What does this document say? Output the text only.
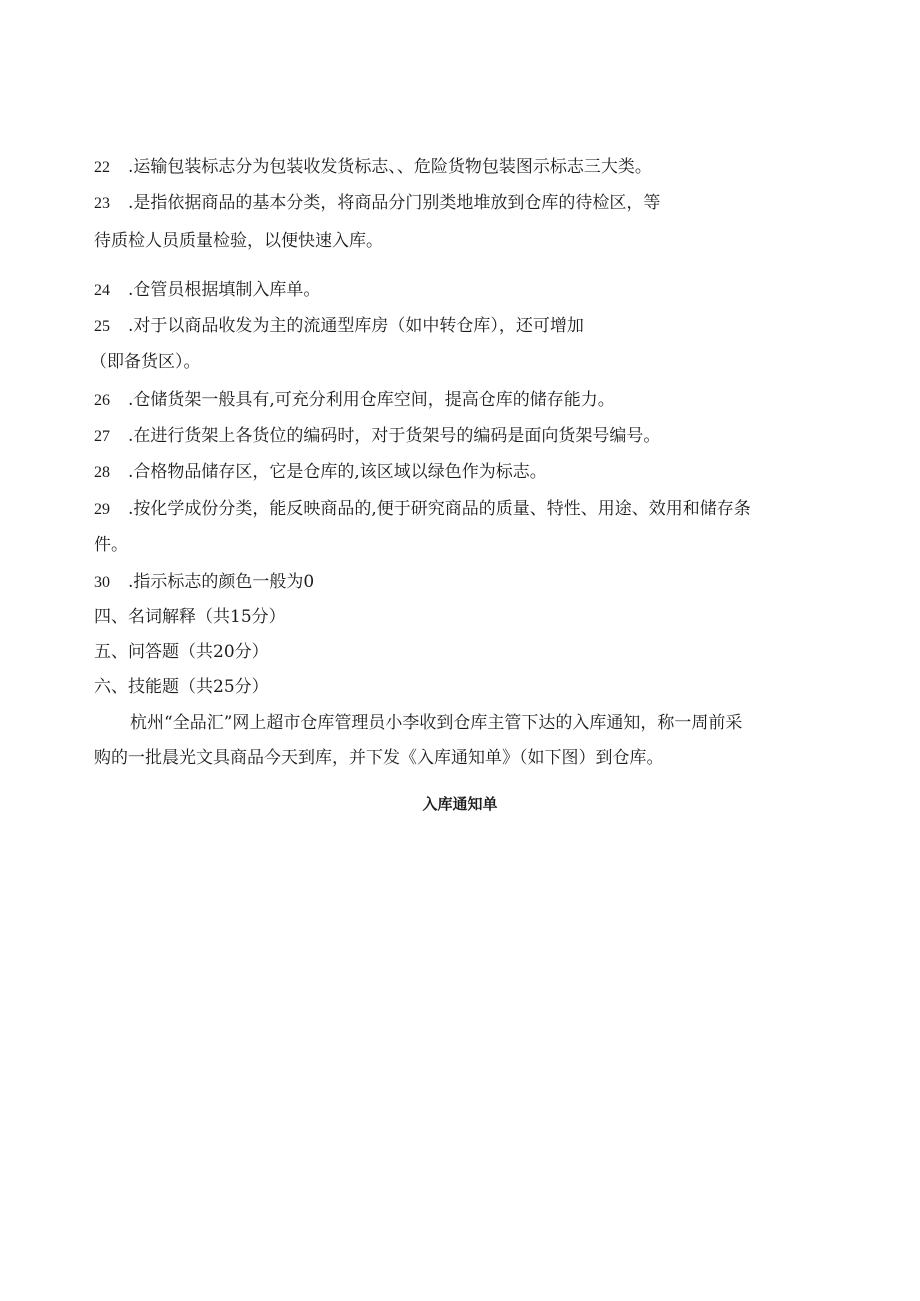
22 .运输包装标志分为包装收发货标志、、危险货物包装图示标志三大类。
23 .是指依据商品的基本分类，将商品分门别类地堆放到仓库的待检区，等
待质检人员质量检验，以便快速入库。
24 .仓管员根据填制入库单。
25 .对于以商品收发为主的流通型库房（如中转仓库），还可增加
（即备货区）。
26 .仓储货架一般具有,可充分利用仓库空间，提高仓库的储存能力。
27 .在进行货架上各货位的编码时，对于货架号的编码是面向货架号编号。
28 .合格物品储存区，它是仓库的,该区域以绿色作为标志。
29 .按化学成份分类，能反映商品的,便于研究商品的质量、特性、用途、效用和储存条
件。
30 .指示标志的颜色一般为0
四、名词解释（共15分）
五、问答题（共20分）
六、技能题（共25分）
杭州“全品汇”网上超市仓库管理员小李收到仓库主管下达的入库通知，称一周前采
购的一批晨光文具商品今天到库，并下发《入库通知单》（如下图）到仓库。
入库通知单
